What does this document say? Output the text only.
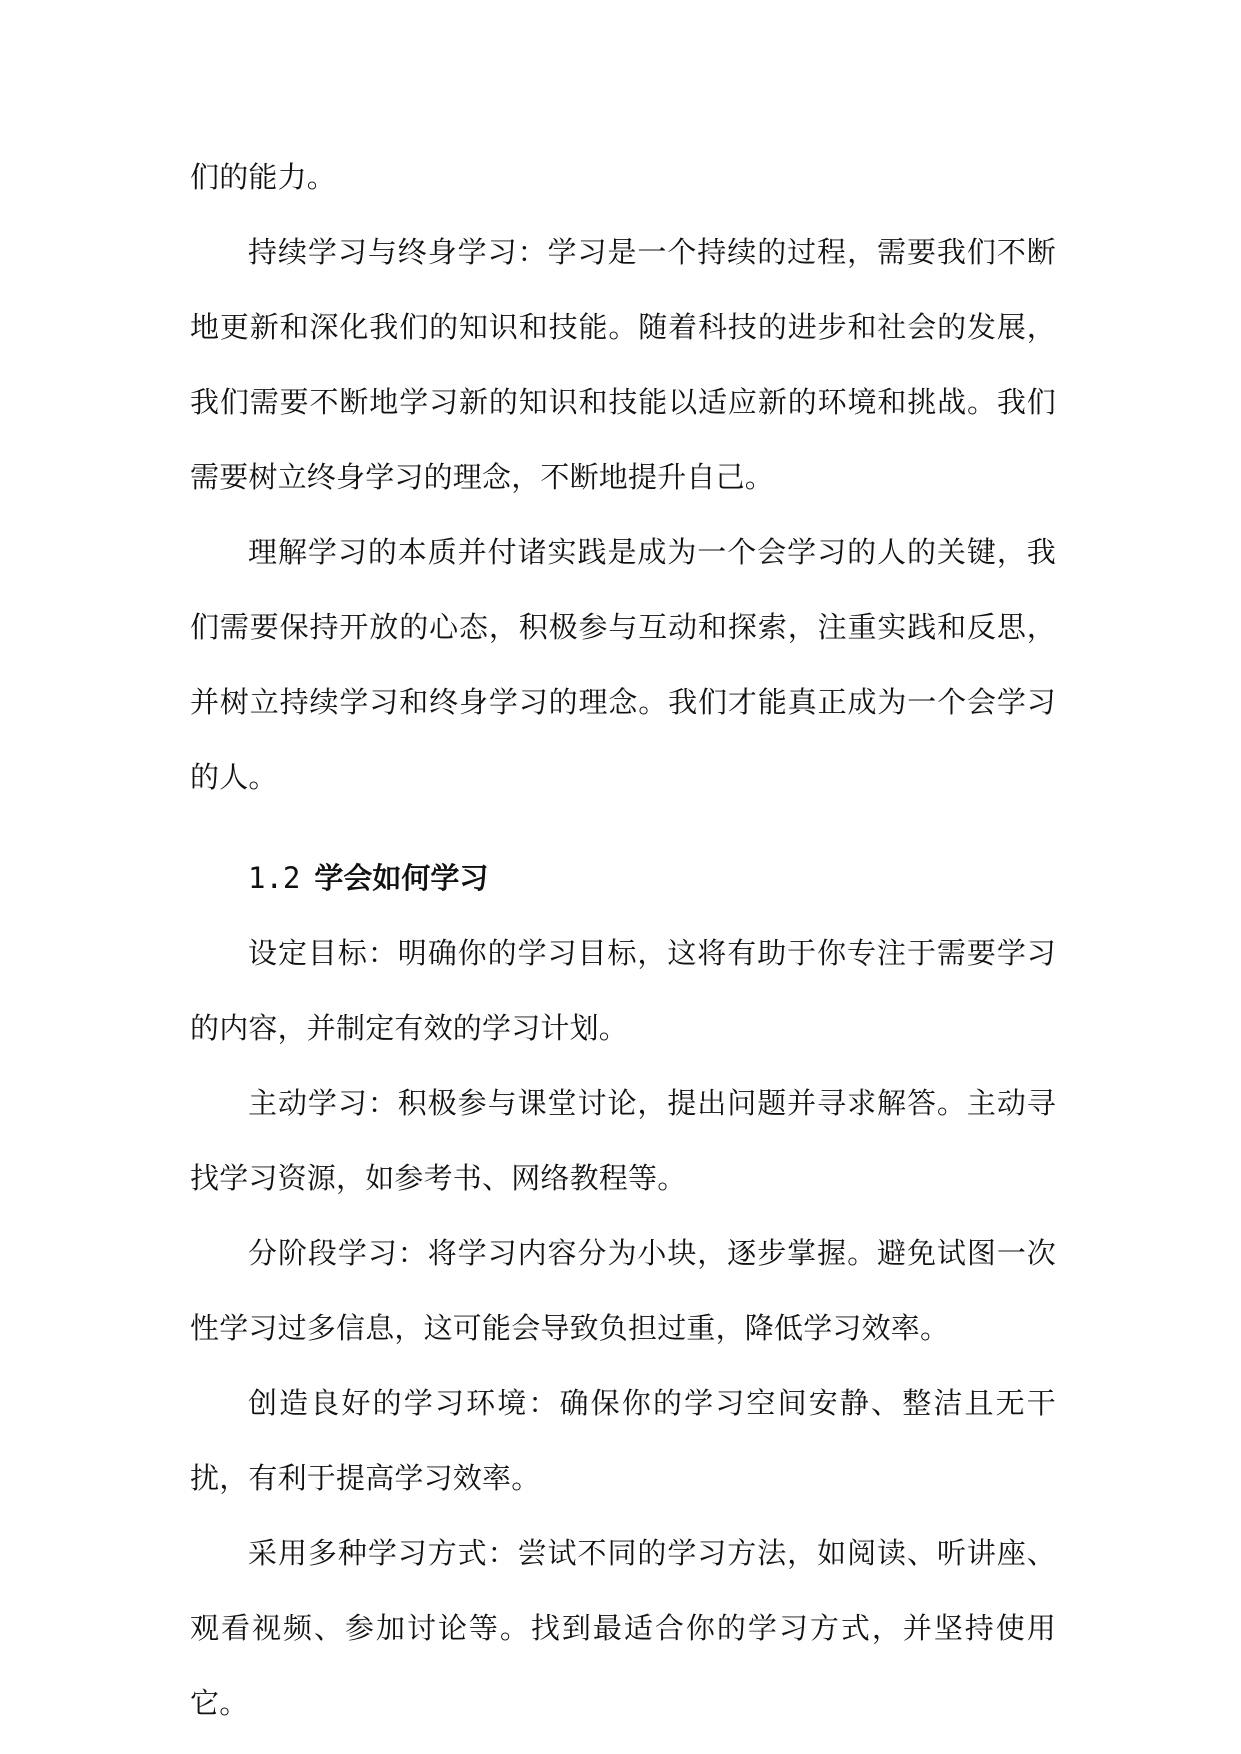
们的能力。

持续学习与终身学习：学习是一个持续的过程，需要我们不断地更新和深化我们的知识和技能。随着科技的进步和社会的发展，我们需要不断地学习新的知识和技能以适应新的环境和挑战。我们需要树立终身学习的理念，不断地提升自己。

理解学习的本质并付诸实践是成为一个会学习的人的关键，我们需要保持开放的心态，积极参与互动和探索，注重实践和反思，并树立持续学习和终身学习的理念。我们才能真正成为一个会学习的人。

1.2 学会如何学习

设定目标：明确你的学习目标，这将有助于你专注于需要学习的内容，并制定有效的学习计划。

主动学习：积极参与课堂讨论，提出问题并寻求解答。主动寻找学习资源，如参考书、网络教程等。

分阶段学习：将学习内容分为小块，逐步掌握。避免试图一次性学习过多信息，这可能会导致负担过重，降低学习效率。

创造良好的学习环境：确保你的学习空间安静、整洁且无干扰，有利于提高学习效率。

采用多种学习方式：尝试不同的学习方法，如阅读、听讲座、观看视频、参加讨论等。找到最适合你的学习方式，并坚持使用它。
